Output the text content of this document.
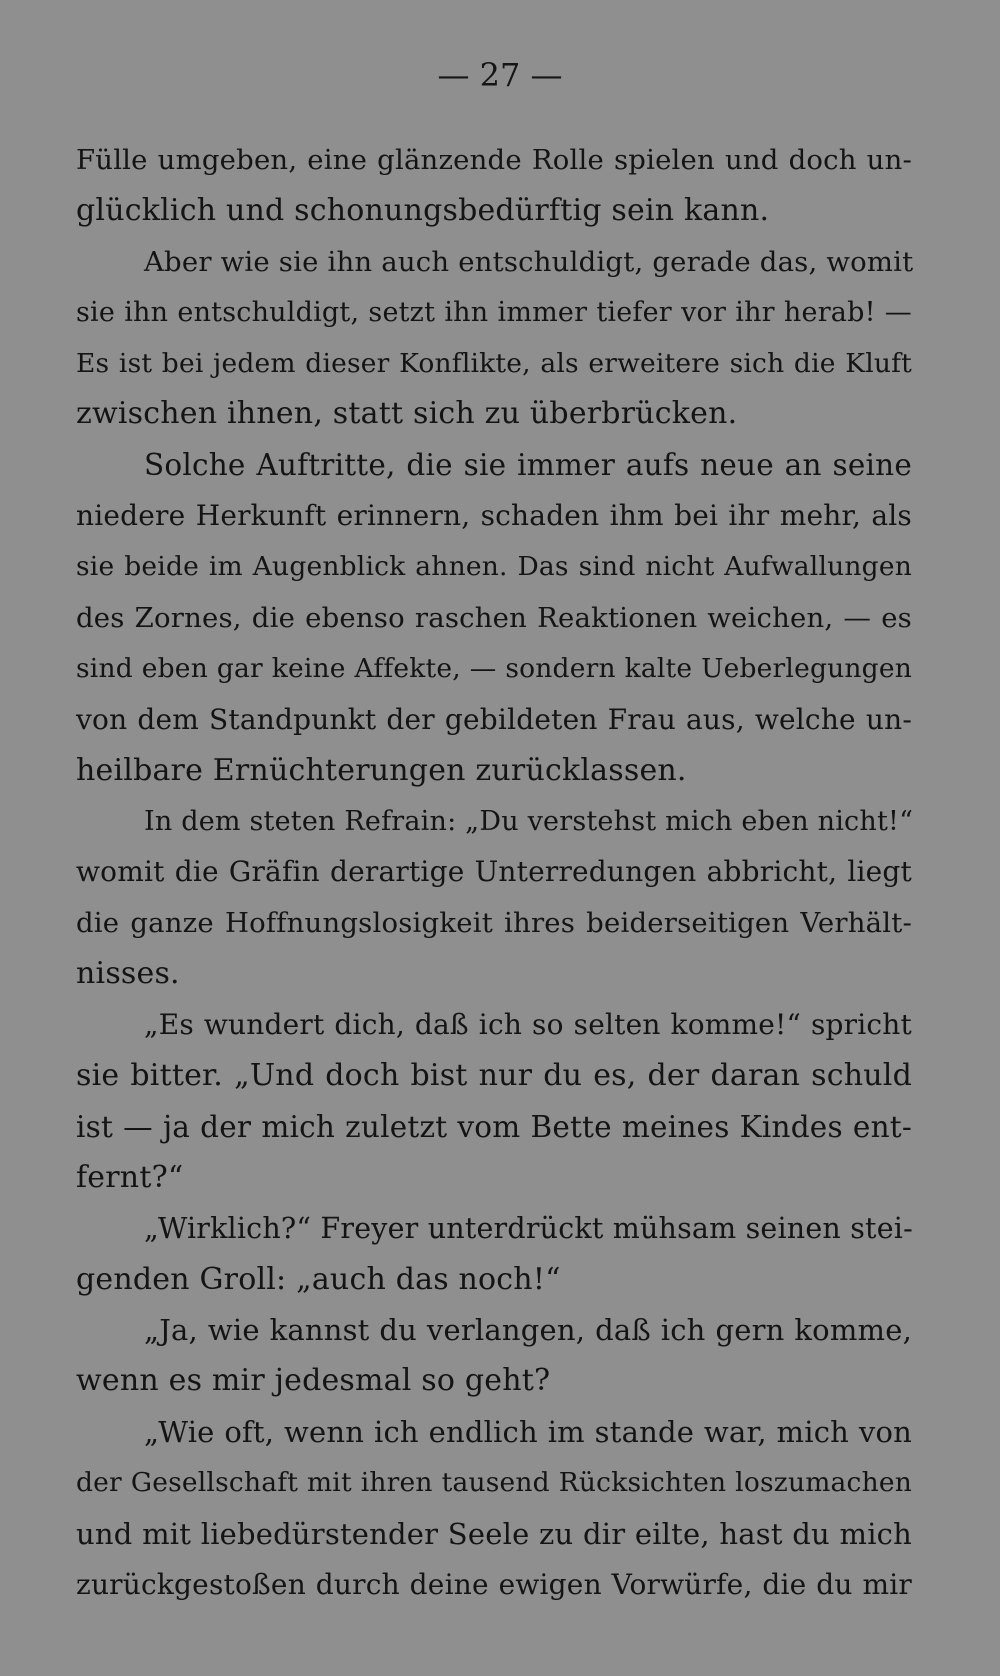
— 27 —
Fülle umgeben, eine glänzende Rolle spielen und doch un-
glücklich und schonungsbedürftig sein kann.
Aber wie sie ihn auch entschuldigt, gerade das, womit
sie ihn entschuldigt, setzt ihn immer tiefer vor ihr herab! —
Es ist bei jedem dieser Konflikte, als erweitere sich die Kluft
zwischen ihnen, statt sich zu überbrücken.
Solche Auftritte, die sie immer aufs neue an seine
niedere Herkunft erinnern, schaden ihm bei ihr mehr, als
sie beide im Augenblick ahnen. Das sind nicht Aufwallungen
des Zornes, die ebenso raschen Reaktionen weichen, — es
sind eben gar keine Affekte, — sondern kalte Ueberlegungen
von dem Standpunkt der gebildeten Frau aus, welche un-
heilbare Ernüchterungen zurücklassen.
In dem steten Refrain: „Du verstehst mich eben nicht!“
womit die Gräfin derartige Unterredungen abbricht, liegt
die ganze Hoffnungslosigkeit ihres beiderseitigen Verhält-
nisses.
„Es wundert dich, daß ich so selten komme!“ spricht
sie bitter. „Und doch bist nur du es, der daran schuld
ist — ja der mich zuletzt vom Bette meines Kindes ent-
fernt?“
„Wirklich?“ Freyer unterdrückt mühsam seinen stei-
genden Groll: „auch das noch!“
„Ja, wie kannst du verlangen, daß ich gern komme,
wenn es mir jedesmal so geht?
„Wie oft, wenn ich endlich im stande war, mich von
der Gesellschaft mit ihren tausend Rücksichten loszumachen
und mit liebedürstender Seele zu dir eilte, hast du mich
zurückgestoßen durch deine ewigen Vorwürfe, die du mir
